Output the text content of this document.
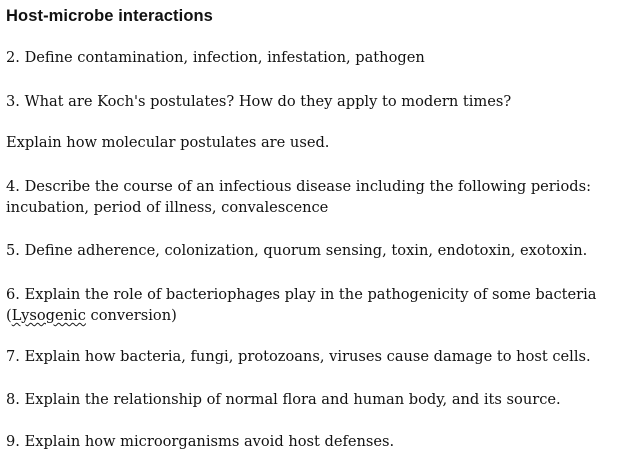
Host-microbe interactions
2. Define contamination, infection, infestation, pathogen
3. What are Koch's postulates? How do they apply to modern times?
Explain how molecular postulates are used.
4. Describe the course of an infectious disease including the following periods:
incubation, period of illness, convalescence
5. Define adherence, colonization, quorum sensing, toxin, endotoxin, exotoxin.
6. Explain the role of bacteriophages play in the pathogenicity of some bacteria
(Lysogenic conversion)
7. Explain how bacteria, fungi, protozoans, viruses cause damage to host cells.
8. Explain the relationship of normal flora and human body, and its source.
9. Explain how microorganisms avoid host defenses.
